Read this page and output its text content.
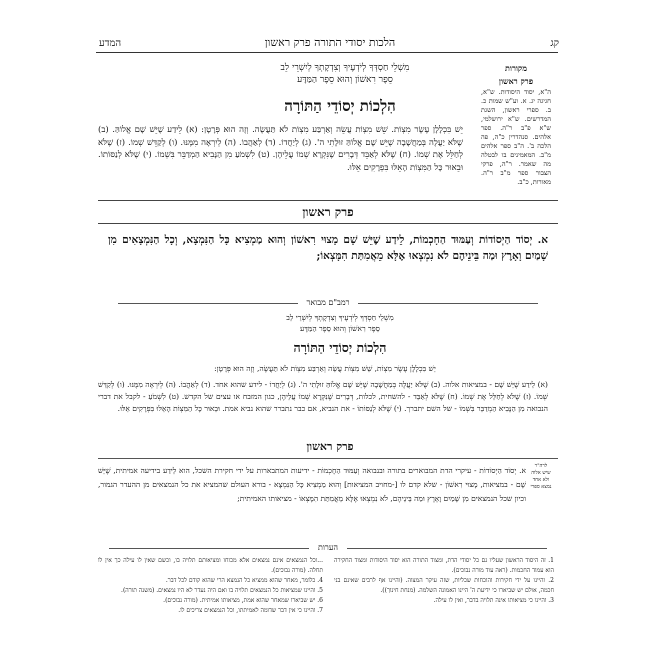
קג
הלכות יסודי התורה פרק ראשון
המדע
מִשְׁלֵי חַסְדְּךָ לְיֹדְעֶיךָ וְצִדְקָתְךָ לְיִשְׁרֵי לֵב
סֵפֶר רִאשׁוֹן וְהוּא סֵפֶר הַמַּדָּע
הִלְכוֹת יְסוֹדֵי הַתּוֹרָה
יֵשׁ בִּכְלָלָן עֶשֶׂר מִצְוֹת. שֵׁשׁ מִצְוֹת עֲשֵׂה וְאַרְבַּע מִצְוֹת לֹא תַּעֲשֶׂה. וְזֶה הוּא פְּרָטָן: (א) לֵידַע שֶׁיֵּשׁ שָׁם אֱלוֹהַּ. (ב) שֶׁלֹּא יַעֲלֶה בְּמַחֲשָׁבָה שֶׁיֵּשׁ שָׁם אֱלוֹהַּ זוּלָתִי ה'. (ג) לְיַחֲדוֹ. (ד) לְאַהֲבוֹ. (ה) לְיִרְאָה מִמֶּנּוּ. (ו) לְקַדֵּשׁ שְׁמוֹ. (ז) שֶׁלֹּא לְחַלֵּל אֶת שְׁמוֹ. (ח) שֶׁלֹּא לְאַבֵּד דְּבָרִים שֶׁנִּקְרָא שְׁמוֹ עֲלֵיהֶן. (ט) לִשְׁמֹעַ מִן הַנָּבִיא הַמְדַבֵּר בִּשְׁמוֹ. (י) שֶׁלֹּא לְנַסּוֹתוֹ. וּבֵאוּר כָּל הַמִּצְוֹת הָאֵלּוּ בִּפְרָקִים אֵלּוּ.
מקורות
פרק ראשון
ה"א, יסוד היסודות. ש"א, חגיגה יג. א. וע"ש שמות כ. ב. ספרי ראשון, השגת המדרשים. ש"א ירושלמי, ש"א פ"ב ר"ה. ספר אלהים. סנהדרין כ"ה, פה הלכה ב'. ה"ב ספר אלהים מ"ב. המאמינים בו לבטלה מה שאמר. ר"ה, פרקי הצבור ספר מ"ב ר"ה. מאורות, כ"ב.
פרק ראשון
א. יְסוֹד הַיְסוֹדוֹת וְעַמּוּד הַחָכְמוֹת, לֵידַע שֶׁיֵּשׁ שָׁם מָצוּי רִאשׁוֹן וְהוּא מַמְצִיא כָּל הַנִּמְצָא, וְכָל הַנִּמְצָאִים מִן שָׁמַיִם וָאָרֶץ וּמַה בֵּינֵיהֶם לֹא נִמְצְאוּ אֶלָּא מֵאֲמִתַּת הִמָּצְאוֹ;
רמב"ם מבואר
מִשְׁלֵי חַסְדְּךָ לְיֹדְעֶיךָ וְצִדְקָתְךָ לְיִשְׁרֵי לֵב
סֵפֶר רִאשׁוֹן וְהוּא סֵפֶר הַמַּדָּע
הִלְכוֹת יְסוֹדֵי הַתּוֹרָה
יֵשׁ בִּכְלָלָן עֶשֶׂר מִצְוֹת, שֵׁשׁ מִצְוֹת עֲשֵׂה וְאַרְבַּע מִצְוֹת לֹא תַּעֲשֶׂה, וְזֶה הוּא פְּרָטָן:
(א) לֵידַע שֶׁיֵּשׁ שָׁם - במציאות אלוה. (ב) שֶׁלֹּא יַעֲלֶה בְּמַחֲשָׁבָה שֶׁיֵּשׁ שָׁם אֱלוֹהַּ זוּלָתִי ה'. (ג) לְיַחֲדוֹ - לידע שהוא אחד. (ד) לְאַהֲבוֹ. (ה) לְיִרְאָה מִמֶּנּוּ. (ו) לְקַדֵּשׁ שְׁמוֹ. (ז) שֶׁלֹּא לְחַלֵּל אֶת שְׁמוֹ. (ח) שֶׁלֹּא לְאַבֵּד - להשחית, לכלות, דְּבָרִים שֶׁנִּקְרָא שְׁמוֹ עֲלֵיהֶן, כגון המזבח או עצים של הקדש. (ט) לִשְׁמֹעַ - לקבל את דברי הנבואה מִן הַנָּבִיא הַמְדַבֵּר בִּשְׁמוֹ - של השם יתברך. (י) שֶׁלֹּא לְנַסּוֹתוֹ - את הנביא, אם כבר נתברר שהוא נביא אמת. וּבֵאוּר כָּל הַמִּצְוֹת הָאֵלּוּ בִּפְרָקִים אֵלּוּ.
פרק ראשון
לרה"ר שיש אלוה ולא אחד נמצא ספרי
א. יְסוֹד הַיְסוֹדוֹת - עיקרי הדת המבוארים בתורה ובנבואה וְעַמּוּד הַחָכְמוֹת - ידיעות המתבארות על ידי חקירת השכל, הוא לֵידַע בידיעה אמיתית, שֶׁיֵּשׁ שָׁם - במציאות, מָצוּי רִאשׁוֹן - שלא קדם לו [-מחויב המציאות] וְהוּא מַמְצִיא כָּל הַנִּמְצָא - בורא העולם שהמציא את כל הנמצאים מן ההעדר הגמור, וכיון שכל הנמצאים מִן שָׁמַיִם וָאָרֶץ וּמַה בֵּינֵיהֶם, לֹא נִמְצְאוּ אֶלָּא מֵאֲמִתַּת הִמָּצְאוֹ - מציאותו האמיתית;
הערות

1. זה היסוד הראשון שעליו גם כל יסודי הדת, ומצוד התורה הוא יסוד היסודות ומצוד החקירה הוא עמוד החכמות. (ראה עוד מורה נבוכים).

2. והיינו על ידי חקירות והוכחות שכליות, שזה עיקר המצוה. (והיינו אף לרבים שאינם בני חכמה, אולם יש שביארו כי ידיעת ה' היינו האמונה השלמה. (מנחת חינוך)).

3. והיינו כי מציאותו אינה תלויה בדבר, ואין לו עילה.

...וכל הנמצאים אינם נמצאים אלא מכוחו ומציאותם תלויה בו, וכשם שאין לו עילה כך אין לו תחלה. (מורה נבוכים).

4. כלומר, מאחר שהוא ממציא כל הנמצא הרי שהוא קודם לכל דבר.

5. והיינו שמציאות כל הנמצאים תלויה בו ואם היה נעדר לא היו נמצאים. (משנה תורה).

6. יש שביארו שמאחר שהוא אמת, מציאותו אמיתית. (מורה נבוכים).

7. והיינו כי אין דבר שדומה לאמיתתו, וכל הנמצאים צריכים לו.
